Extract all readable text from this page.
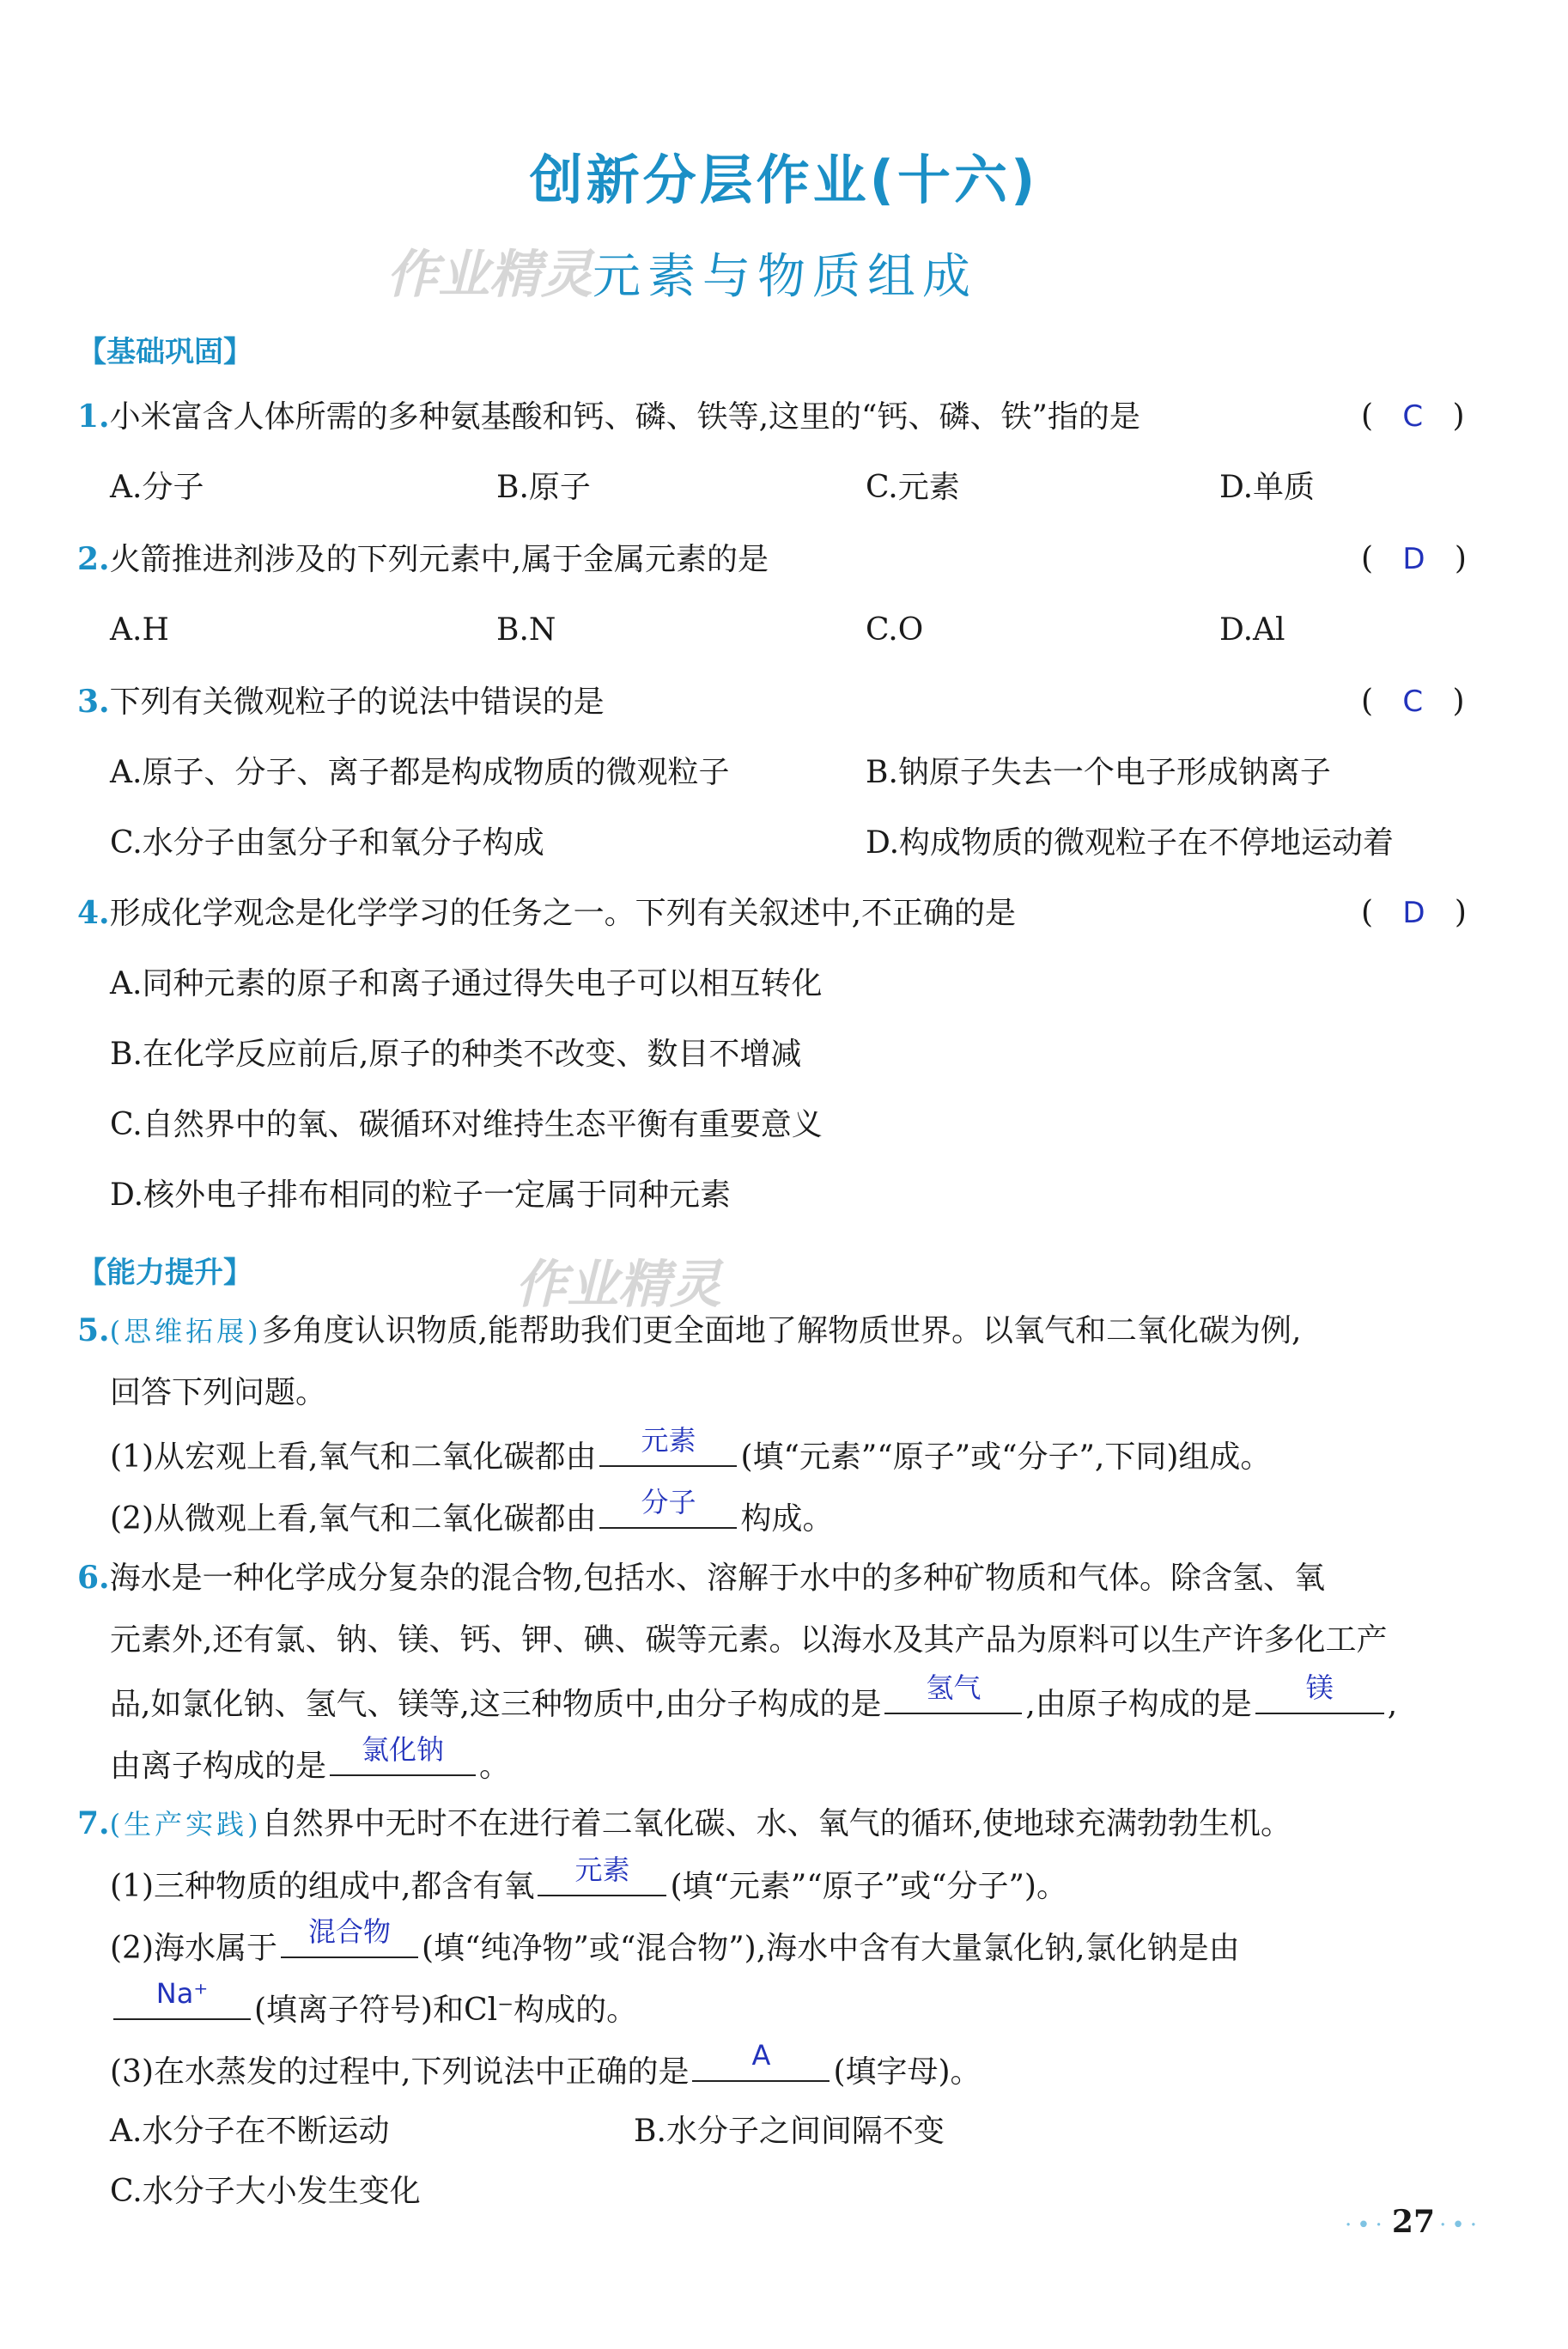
创新分层作业(十六)
作业精灵 元素与物质组成
【基础巩固】
1.小米富含人体所需的多种氨基酸和钙、磷、铁等,这里的“钙、磷、铁”指的是	(   C   )
A.分子	B.原子	C.元素	D.单质
2.火箭推进剂涉及的下列元素中,属于金属元素的是	(   D   )
A.H	B.N	C.O	D.Al
3.下列有关微观粒子的说法中错误的是	(   C   )
A.原子、分子、离子都是构成物质的微观粒子	B.钠原子失去一个电子形成钠离子
C.水分子由氢分子和氧分子构成	D.构成物质的微观粒子在不停地运动着
4.形成化学观念是化学学习的任务之一。下列有关叙述中,不正确的是	(   D   )
A.同种元素的原子和离子通过得失电子可以相互转化
B.在化学反应前后,原子的种类不改变、数目不增减
C.自然界中的氧、碳循环对维持生态平衡有重要意义
D.核外电子排布相同的粒子一定属于同种元素
【能力提升】	作业精灵
5.(思维拓展)多角度认识物质,能帮助我们更全面地了解物质世界。以氧气和二氧化碳为例,
回答下列问题。
(1)从宏观上看,氧气和二氧化碳都由	元素	(填“元素”“原子”或“分子”,下同)组成。
(2)从微观上看,氧气和二氧化碳都由	分子	构成。
6.海水是一种化学成分复杂的混合物,包括水、溶解于水中的多种矿物质和气体。除含氢、氧
元素外,还有氯、钠、镁、钙、钾、碘、碳等元素。以海水及其产品为原料可以生产许多化工产
品,如氯化钠、氢气、镁等,这三种物质中,由分子构成的是	氢气	,由原子构成的是	镁	,
由离子构成的是	氯化钠	。
7.(生产实践)自然界中无时不在进行着二氧化碳、水、氧气的循环,使地球充满勃勃生机。
(1)三种物质的组成中,都含有氧	元素	(填“元素”“原子”或“分子”)。
(2)海水属于	混合物	(填“纯净物”或“混合物”),海水中含有大量氯化钠,氯化钠是由
Na⁺	(填离子符号)和Cl⁻构成的。
(3)在水蒸发的过程中,下列说法中正确的是	A	(填字母)。
A.水分子在不断运动	B.水分子之间间隔不变
C.水分子大小发生变化
·•· 27 ·•·
